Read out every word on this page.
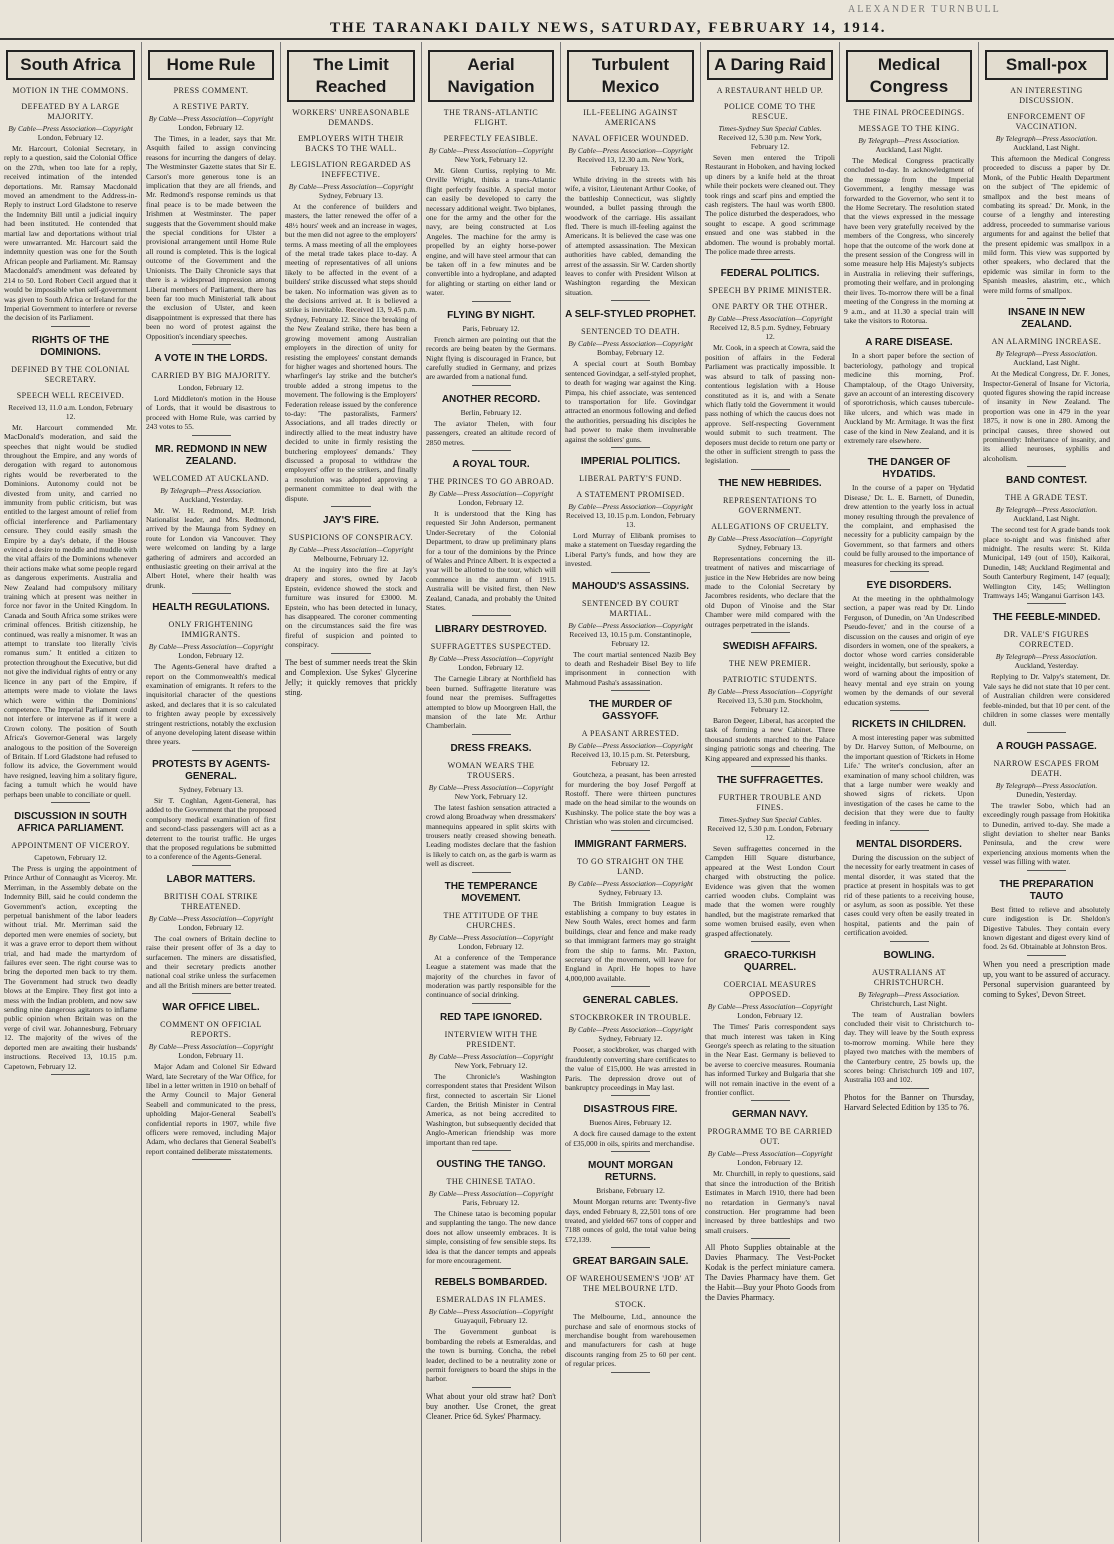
THE TARANAKI DAILY NEWS, SATURDAY, FEBRUARY 14, 1914.
ALEXANDER TURNBULL
South Africa
MOTION IN THE COMMONS.
DEFEATED BY A LARGE MAJORITY.
By Cable—Press Association—Copyright
London, February 12.
Mr. Harcourt, Colonial Secretary, in reply to a question, said the Colonial Office on the 27th, when too late for a reply, received intimation of the intended deportations. Mr. Ramsay Macdonald moved an amendment to the Address-in-Reply to instruct Lord Gladstone to reserve the Indemnity Bill until a judicial inquiry had been instituted. He contended that martial law and deportations without trial were unwarranted. Mr. Harcourt said the indemnity question was one for the South African people and Parliament. Mr. Ramsay Macdonald's amendment was defeated by 214 to 50. Lord Robert Cecil argued that it would be impossible when self-government was given to South Africa or Ireland for the Imperial Government to interfere or reverse the decision of its Parliament.
RIGHTS OF THE DOMINIONS.
DEFINED BY THE COLONIAL SECRETARY.
SPEECH WELL RECEIVED.
Received 13, 11.0 a.m. London, February 12.
Mr. Harcourt commended Mr. MacDonald's moderation, and said the speeches that night would be studied throughout the Empire, and any words of derogation with regard to autonomous rights would be reverberated to the Dominions. Autonomy could not be divested from unity, and carried no immunity from public criticism, but was entitled to the largest amount of relief from official interference and Parliamentary censure. They could easily smash the Empire by a day's debate, if the House evinced a desire to meddle and muddle with the vital affairs of the Dominions whenever their actions make what some people regard as dangerous experiments. Australia and New Zealand had compulsory military training which at present was neither in force nor favor in the United Kingdom. In Canada and South Africa some strikes were criminal offences. British citizenship, he continued, was really a misnomer. It was an attempt to translate too literally 'civis romanus sum.' It entitled a citizen to protection throughout the Executive, but did not give the individual rights of entry or any licence in any part of the Empire, if attempts were made to violate the laws which were within the Dominions' competence. The Imperial Parliament could not interfere or intervene as if it were a Crown colony. The position of South Africa's Governor-General was largely analogous to the position of the Sovereign of Britain. If Lord Gladstone had refused to follow its advice, the Government would have resigned, leaving him a solitary figure, facing a tumult which he would have perhaps been unable to conciliate or quell.
DISCUSSION IN SOUTH AFRICA PARLIAMENT.
APPOINTMENT OF VICEROY.
Capetown, February 12.
The Press is urging the appointment of Prince Arthur of Connaught as Viceroy. Mr. Merriman, in the Assembly debate on the Indemnity Bill, said he could condemn the Government's action, excepting the perpetual banishment of the labor leaders without trial. Mr. Merriman said the deported men were enemies of society, but it was a grave error to deport them without trial, and had made the martyrdom of failures ever seen. The right course was to bring the deported men back to try them. The Government had struck two deadly blows at the Empire. They first got into a mess with the Indian problem, and now saw sending nine dangerous agitators to inflame public opinion when Britain was on the verge of civil war. Johannesburg, February 12. The majority of the wives of the deported men are awaiting their husbands' instructions. Received 13, 10.15 p.m. Capetown, February 12.
Home Rule
PRESS COMMENT.
A RESTIVE PARTY.
By Cable—Press Association—Copyright
London, February 12.
The Times, in a leader, says that Mr. Asquith failed to assign convincing reasons for incurring the dangers of delay. The Westminster Gazette states that Sir E. Carson's more generous tone is an implication that they are all friends, and Mr. Redmond's response reminds us that final peace is to be made between the Irishmen at Westminster. The paper suggests that the Government should make the special conditions for Ulster a provisional arrangement until Home Rule all round is completed. This is the logical outcome of the Government and the Unionists. The Daily Chronicle says that there is a widespread impression among Liberal members of Parliament, there has been far too much Ministerial talk about the exclusion of Ulster, and keen disappointment is expressed that there has been no word of protest against the Opposition's incendiary speeches.
A VOTE IN THE LORDS.
CARRIED BY BIG MAJORITY.
London, February 12.
Lord Middleton's motion in the House of Lords, that it would be disastrous to proceed with Home Rule, was carried by 243 votes to 55.
MR. REDMOND IN NEW ZEALAND.
WELCOMED AT AUCKLAND.
By Telegraph—Press Association.
Auckland, Yesterday.
Mr. W. H. Redmond, M.P. Irish Nationalist leader, and Mrs. Redmond, arrived by the Maunga from Sydney en route for London via Vancouver. They were welcomed on landing by a large gathering of admirers and accorded an enthusiastic greeting on their arrival at the Albert Hotel, where their health was drunk.
HEALTH REGULATIONS.
ONLY FRIGHTENING IMMIGRANTS.
By Cable—Press Association—Copyright
London, February 12.
The Agents-General have drafted a report on the Commonwealth's medical examination of emigrants. It refers to the inquisitorial character of the questions asked, and declares that it is so calculated to frighten away people by excessively stringent restrictions, notably the exclusion of anyone developing latent disease within three years.
PROTESTS BY AGENTS-GENERAL.
Sydney, February 13.
Sir T. Coghlan, Agent-General, has added to the Government that the proposed compulsory medical examination of first and second-class passengers will act as a deterrent to the tourist traffic. He urges that the proposed regulations be submitted to a conference of the Agents-General.
LABOR MATTERS.
BRITISH COAL STRIKE THREATENED.
By Cable—Press Association—Copyright
London, February 12.
The coal owners of Britain decline to raise their present offer of 3s a day to surfacemen. The miners are dissatisfied, and their secretary predicts another national coal strike unless the surfacemen and all the British miners are better treated.
WAR OFFICE LIBEL.
COMMENT ON OFFICIAL REPORTS.
By Cable—Press Association—Copyright
London, February 11.
Major Adam and Colonel Sir Edward Ward, late Secretary of the War Office, for libel in a letter written in 1910 on behalf of the Army Council to Major General Seabell and communicated to the press, upholding Major-General Seabell's confidential reports in 1907, while five officers were removed, including Major Adam, who declares that General Seabell's report contained deliberate misstatements.
The Limit Reached
WORKERS' UNREASONABLE DEMANDS.
EMPLOYERS WITH THEIR BACKS TO THE WALL.
LEGISLATION REGARDED AS INEFFECTIVE.
By Cable—Press Association—Copyright
Sydney, February 13.
At the conference of builders and masters, the latter renewed the offer of a 48½ hours' week and an increase in wages, but the men did not agree to the employers' terms. A mass meeting of all the employees of the metal trade takes place to-day. A meeting of representatives of all unions likely to be affected in the event of a builders' strike discussed what steps should be taken. No information was given as to the decisions arrived at. It is believed a strike is inevitable. Received 13, 9.45 p.m. Sydney, February 12. Since the breaking of the New Zealand strike, there has been a growing movement among Australian employers in the direction of unity for resisting the employees' constant demands for higher wages and shortened hours. The wharfinger's lay strike and the butcher's trouble added a strong impetus to the movement. The following is the Employers' Federation release issued by the conference to-day: 'The pastoralists, Farmers' Associations, and all trades directly or indirectly allied to the meat industry have decided to unite in firmly resisting the butchering employees' demands.' They discussed a proposal to withdraw the employers' offer to the strikers, and finally a resolution was adopted approving a permanent committee to deal with the dispute.
JAY'S FIRE.
SUSPICIONS OF CONSPIRACY.
By Cable—Press Association—Copyright
Melbourne, February 12.
At the inquiry into the fire at Jay's drapery and stores, owned by Jacob Epstein, evidence showed the stock and furniture was insured for £3000. M. Epstein, who has been detected in lunacy, has disappeared. The coroner commenting on the circumstances said the fire was fireful of suspicion and pointed to conspiracy.
The best of summer needs treat the Skin and Complexion. Use Sykes' Glycerine Jelly; it quickly removes that prickly sting.
Aerial Navigation
THE TRANS-ATLANTIC FLIGHT.
PERFECTLY FEASIBLE.
By Cable—Press Association—Copyright
New York, February 12.
Mr. Glenn Curtiss, replying to Mr. Orville Wright, thinks a trans-Atlantic flight perfectly feasible. A special motor can easily be developed to carry the necessary additional weight. Two biplanes, one for the army and the other for the navy, are being constructed at Los Angeles. The machine for the army is propelled by an eighty horse-power engine, and will have steel armour that can be taken off in a few minutes and be convertible into a hydroplane, and adapted for alighting or starting on either land or water.
FLYING BY NIGHT.
Paris, February 12.
French airmen are pointing out that the records are being beaten by the Germans. Night flying is discouraged in France, but carefully studied in Germany, and prizes are awarded from a national fund.
ANOTHER RECORD.
Berlin, February 12.
The aviator Thelen, with four passengers, created an altitude record of 2850 metres.
A ROYAL TOUR.
THE PRINCES TO GO ABROAD.
By Cable—Press Association—Copyright
London, February 12.
It is understood that the King has requested Sir John Anderson, permanent Under-Secretary of the Colonial Department, to draw up preliminary plans for a tour of the dominions by the Prince of Wales and Prince Albert. It is expected a year will be allotted to the tour, which will commence in the autumn of 1915. Australia will be visited first, then New Zealand, Canada, and probably the United States.
LIBRARY DESTROYED.
SUFFRAGETTES SUSPECTED.
By Cable—Press Association—Copyright
London, February 12.
The Carnegie Library at Northfield has been burned. Suffragette literature was found near the premises. Suffragettes attempted to blow up Moorgreen Hall, the mansion of the late Mr. Arthur Chamberlain.
DRESS FREAKS.
WOMAN WEARS THE TROUSERS.
By Cable—Press Association—Copyright
New York, February 12.
The latest fashion sensation attracted a crowd along Broadway when dressmakers' mannequins appeared in split skirts with trousers neatly creased showing beneath. Leading modistes declare that the fashion is likely to catch on, as the garb is warm as well as discreet.
THE TEMPERANCE MOVEMENT.
THE ATTITUDE OF THE CHURCHES.
By Cable—Press Association—Copyright
London, February 12.
At a conference of the Temperance League a statement was made that the majority of the churches in favor of moderation was partly responsible for the continuance of social drinking.
RED TAPE IGNORED.
INTERVIEW WITH THE PRESIDENT.
By Cable—Press Association—Copyright
New York, February 12.
The Chronicle's Washington correspondent states that President Wilson first, connected to ascertain Sir Lionel Carden, the British Minister in Central America, as not being accredited to Washington, but subsequently decided that Anglo-American friendship was more important than red tape.
OUSTING THE TANGO.
THE CHINESE TATAO.
By Cable—Press Association—Copyright
Paris, February 12.
The Chinese tatao is becoming popular and supplanting the tango. The new dance does not allow unseemly embraces. It is simple, consisting of few sensible steps. Its idea is that the dancer tempts and appeals for more encouragement.
REBELS BOMBARDED.
ESMERALDAS IN FLAMES.
By Cable—Press Association—Copyright
Guayaquil, February 12.
The Government gunboat is bombarding the rebels at Esmeraldas, and the town is burning. Concha, the rebel leader, declined to be a neutrality zone or permit foreigners to board the ships in the harbor.
What about your old straw hat? Don't buy another. Use Cronet, the great Cleaner. Price 6d. Sykes' Pharmacy.
Turbulent Mexico
ILL-FEELING AGAINST AMERICANS
NAVAL OFFICER WOUNDED.
By Cable—Press Association—Copyright
Received 13, 12.30 a.m. New York, February 13.
While driving in the streets with his wife, a visitor, Lieutenant Arthur Cooke, of the battleship Connecticut, was slightly wounded, a bullet passing through the woodwork of the carriage. His assailant fled. There is much ill-feeling against the Americans. It is believed the case was one of attempted assassination. The Mexican authorities have cabled, demanding the arrest of the assassin. Sir W. Carden shortly leaves to confer with President Wilson at Washington regarding the Mexican situation.
A SELF-STYLED PROPHET.
SENTENCED TO DEATH.
By Cable—Press Association—Copyright
Bombay, February 12.
A special court at South Bombay sentenced Govindgar, a self-styled prophet, to death for waging war against the King. Pimpa, his chief associate, was sentenced to transportation for life. Govindgar attracted an enormous following and defied the authorities, persuading his disciples he had power to make them invulnerable against the soldiers' guns.
IMPERIAL POLITICS.
LIBERAL PARTY'S FUND.
A STATEMENT PROMISED.
By Cable—Press Association—Copyright
Received 13, 10.15 p.m. London, February 13.
Lord Murray of Elibank promises to make a statement on Tuesday regarding the Liberal Party's funds, and how they are invested.
MAHOUD'S ASSASSINS.
SENTENCED BY COURT MARTIAL.
By Cable—Press Association—Copyright
Received 13, 10.15 p.m. Constantinople, February 12.
The court martial sentenced Nazib Bey to death and Reshadeir Bisel Bey to life imprisonment in connection with Mahmoud Pasha's assassination.
THE MURDER OF GASSYOFF.
A PEASANT ARRESTED.
By Cable—Press Association—Copyright
Received 13, 10.15 p.m. St. Petersburg, February 12.
Goutcheza, a peasant, has been arrested for murdering the boy Josef Pergoff at Rostoff. There were thirteen punctures made on the head similar to the wounds on Kushinsky. The police state the boy was a Christian who was stolen and circumcised.
IMMIGRANT FARMERS.
TO GO STRAIGHT ON THE LAND.
By Cable—Press Association—Copyright
Sydney, February 13.
The British Immigration League is establishing a company to buy estates in New South Wales, erect homes and farm buildings, clear and fence and make ready so that immigrant farmers may go straight from the ship to farms. Mr. Paxton, secretary of the movement, will leave for England in April. He hopes to have 4,000,000 available.
GENERAL CABLES.
STOCKBROKER IN TROUBLE.
By Cable—Press Association—Copyright
Sydney, February 12.
Pooser, a stockbroker, was charged with fraudulently converting share certificates to the value of £15,000. He was arrested in Paris. The depression drove out of bankruptcy proceedings in May last.
DISASTROUS FIRE.
Buenos Aires, February 12.
A dock fire caused damage to the extent of £35,000 in oils, spirits and merchandise.
MOUNT MORGAN RETURNS.
Brisbane, February 12.
Mount Morgan returns are: Twenty-five days, ended February 8, 22,501 tons of ore treated, and yielded 667 tons of copper and 7188 ounces of gold, the total value being £72,139.
GREAT BARGAIN SALE.
OF WAREHOUSEMEN'S 'JOB' AT THE MELBOURNE LTD.
STOCK.
The Melbourne, Ltd., announce the purchase and sale of enormous stocks of merchandise bought from warehousemen and manufacturers for cash at huge discounts ranging from 25 to 60 per cent. of regular prices.
A Daring Raid
A RESTAURANT HELD UP.
POLICE COME TO THE RESCUE.
Times-Sydney Sun Special Cables.
Received 12, 5.30 p.m. New York, February 12.
Seven men entered the Tripoli Restaurant in Hoboken, and having locked up diners by a knife held at the throat while their pockets were cleaned out. They took rings and scarf pins and emptied the cash registers. The haul was worth £800. The police disturbed the desperadoes, who sought to escape. A good scrimmage ensued and one was stabbed in the abdomen. The wound is probably mortal. The police made three arrests.
FEDERAL POLITICS.
SPEECH BY PRIME MINISTER.
ONE PARTY OR THE OTHER.
By Cable—Press Association—Copyright
Received 12, 8.5 p.m. Sydney, February 12.
Mr. Cook, in a speech at Cowra, said the position of affairs in the Federal Parliament was practically impossible. It was absurd to talk of passing non-contentious legislation with a House constituted as it is, and with a Senate which flatly told the Government it would pass nothing of which the caucus does not approve. Self-respecting Government would submit to such treatment. The deposers must decide to return one party or the other in sufficient strength to pass the legislation.
THE NEW HEBRIDES.
REPRESENTATIONS TO GOVERNMENT.
ALLEGATIONS OF CRUELTY.
By Cable—Press Association—Copyright
Sydney, February 13.
Representations concerning the ill-treatment of natives and miscarriage of justice in the New Hebrides are now being made to the Colonial Secretary by Jacombres residents, who declare that the old Dupon of Vinoise and the Star Chamber were mild compared with the outrages perpetrated in the islands.
SWEDISH AFFAIRS.
THE NEW PREMIER.
PATRIOTIC STUDENTS.
By Cable—Press Association—Copyright
Received 13, 5.30 p.m. Stockholm, February 12.
Baron Degeer, Liberal, has accepted the task of forming a new Cabinet. Three thousand students marched to the Palace singing patriotic songs and cheering. The King appeared and expressed his thanks.
THE SUFFRAGETTES.
FURTHER TROUBLE AND FINES.
Times-Sydney Sun Special Cables.
Received 12, 5.30 p.m. London, February 12.
Seven suffragettes concerned in the Campden Hill Square disturbance, appeared at the West London Court charged with obstructing the police. Evidence was given that the women carried wooden clubs. Complaint was made that the women were roughly handled, but the magistrate remarked that some women bruised easily, even when grasped affectionately.
GRAECO-TURKISH QUARREL.
COERCIAL MEASURES OPPOSED.
By Cable—Press Association—Copyright
London, February 12.
The Times' Paris correspondent says that much interest was taken in King George's speech as relating to the situation in the Near East. Germany is believed to be averse to coercive measures. Roumania has informed Turkey and Bulgaria that she will not remain inactive in the event of a frontier conflict.
GERMAN NAVY.
PROGRAMME TO BE CARRIED OUT.
By Cable—Press Association—Copyright
London, February 12.
Mr. Churchill, in reply to questions, said that since the introduction of the British Estimates in March 1910, there had been no retardation in Germany's naval construction. Her programme had been increased by three battleships and two small cruisers.
All Photo Supplies obtainable at the Davies Pharmacy. The Vest-Pocket Kodak is the perfect miniature camera. The Davies Pharmacy have them. Get the Habit—Buy your Photo Goods from the Davies Pharmacy.
Medical Congress
THE FINAL PROCEEDINGS.
MESSAGE TO THE KING.
By Telegraph—Press Association.
Auckland, Last Night.
The Medical Congress practically concluded to-day. In acknowledgment of the message from the Imperial Government, a lengthy message was forwarded to the Governor, who sent it to the Home Secretary. The resolution stated that the views expressed in the message have been very gratefully received by the members of the Congress, who sincerely hope that the outcome of the work done at the present session of the Congress will in some measure help His Majesty's subjects in Australia in relieving their sufferings, promoting their welfare, and in prolonging their lives. To-morrow there will be a final meeting of the Congress in the morning at 9 a.m., and at 11.30 a special train will take the visitors to Rotorua.
A RARE DISEASE.
In a short paper before the section of bacteriology, pathology and tropical medicine this morning, Prof. Champtaloup, of the Otago University, gave an account of an interesting discovery of sporotrichosis, which causes tubercule-like ulcers, and which was made in Auckland by Mr. Armitage. It was the first case of the kind in New Zealand, and it is extremely rare elsewhere.
THE DANGER OF HYDATIDS.
In the course of a paper on 'Hydatid Disease,' Dr. L. E. Barnett, of Dunedin, drew attention to the yearly loss in actual money resulting through the prevalence of the complaint, and emphasised the necessity for a publicity campaign by the Government, so that farmers and others could be fully aroused to the importance of measures for checking its spread.
EYE DISORDERS.
At the meeting in the ophthalmology section, a paper was read by Dr. Lindo Ferguson, of Dunedin, on 'An Undescribed Pseudo-fever,' and in the course of a discussion on the causes and origin of eye disorders in women, one of the speakers, a doctor whose word carries considerable weight, incidentally, but seriously, spoke a word of warning about the imposition of heavy mental and eye strain on young women by the demands of our several education systems.
RICKETS IN CHILDREN.
A most interesting paper was submitted by Dr. Harvey Sutton, of Melbourne, on the important question of 'Rickets in Home Life.' The writer's conclusion, after an examination of many school children, was that a large number were weakly and showed signs of rickets. Upon investigation of the cases he came to the decision that they were due to faulty feeding in infancy.
MENTAL DISORDERS.
During the discussion on the subject of the necessity for early treatment in cases of mental disorder, it was stated that the practice at present in hospitals was to get rid of these patients to a receiving house, or asylum, as soon as possible. Yet these cases could very often be easily treated in hospital, patients and the pain of certification avoided.
BOWLING.
AUSTRALIANS AT CHRISTCHURCH.
By Telegraph—Press Association.
Christchurch, Last Night.
The team of Australian bowlers concluded their visit to Christchurch to-day. They will leave by the South express to-morrow morning. While here they played two matches with the members of the Canterbury centre, 25 bowls up, the scores being: Christchurch 109 and 107, Australia 103 and 102.
Photos for the Banner on Thursday, Harvard Selected Edition by 135 to 76.
Small-pox
AN INTERESTING DISCUSSION.
ENFORCEMENT OF VACCINATION.
By Telegraph—Press Association.
Auckland, Last Night.
This afternoon the Medical Congress proceeded to discuss a paper by Dr. Monk, of the Public Health Department on the subject of 'The epidemic of smallpox and the best means of combating its spread.' Dr. Monk, in the course of a lengthy and interesting address, proceeded to summarise various arguments for and against the belief that the present epidemic was smallpox in a mild form. This view was supported by other speakers, who declared that the epidemic was similar in form to the Spanish measles, alastrim, etc., which were mild forms of smallpox.
INSANE IN NEW ZEALAND.
AN ALARMING INCREASE.
By Telegraph—Press Association.
Auckland, Last Night.
At the Medical Congress, Dr. F. Jones, Inspector-General of Insane for Victoria, quoted figures showing the rapid increase of insanity in New Zealand. The proportion was one in 479 in the year 1875, it now is one in 280. Among the principal causes, three showed out prominently: Inheritance of insanity, and its allied neuroses, syphilis and alcoholism.
BAND CONTEST.
THE A GRADE TEST.
By Telegraph—Press Association.
Auckland, Last Night.
The second test for A grade bands took place to-night and was finished after midnight. The results were: St. Kilda Municipal, 149 (out of 150), Kaikorai, Dunedin, 148; Auckland Regimental and South Canterbury Regiment, 147 (equal); Wellington City, 145; Wellington Tramways 145; Wanganui Garrison 143.
THE FEEBLE-MINDED.
DR. VALE'S FIGURES CORRECTED.
By Telegraph—Press Association.
Auckland, Yesterday.
Replying to Dr. Valpy's statement, Dr. Vale says he did not state that 10 per cent. of Australian children were considered feeble-minded, but that 10 per cent. of the children in some classes were mentally dull.
A ROUGH PASSAGE.
NARROW ESCAPES FROM DEATH.
By Telegraph—Press Association.
Dunedin, Yesterday.
The trawler Sobo, which had an exceedingly rough passage from Hokitika to Dunedin, arrived to-day. She made a slight deviation to shelter near Banks Peninsula, and the crew were experiencing anxious moments when the vessel was filling with water.
THE PREPARATION TAUTO
Best fitted to relieve and absolutely cure indigestion is Dr. Sheldon's Digestive Tabules. They contain every known digestant and digest every kind of food. 2s 6d. Obtainable at Johnston Bros.
When you need a prescription made up, you want to be assured of accuracy. Personal supervision guaranteed by coming to Sykes', Devon Street.
